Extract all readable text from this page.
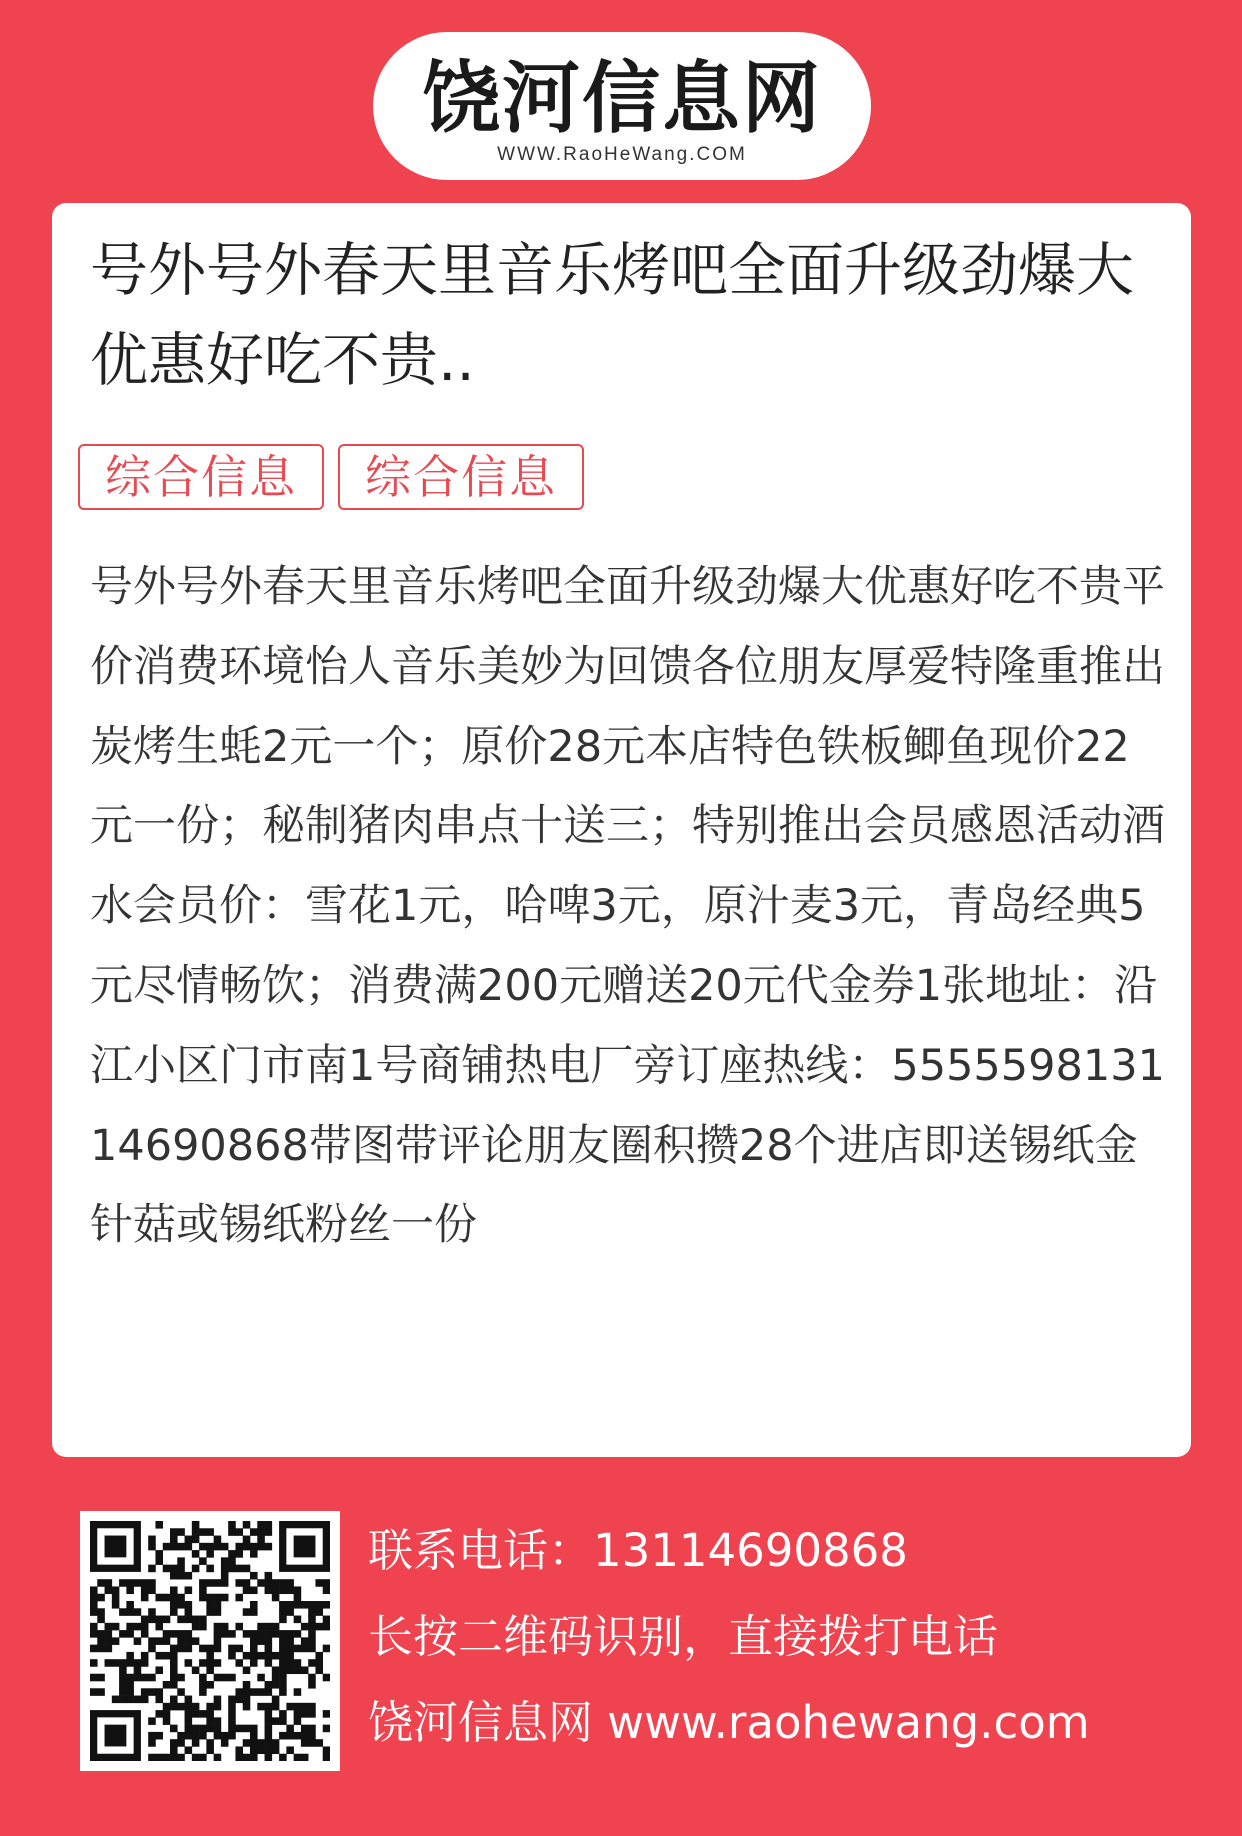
饶河信息网
WWW.RaoHeWang.COM
号外号外春天里音乐烤吧全面升级劲爆大优惠好吃不贵..
综合信息	综合信息

号外号外春天里音乐烤吧全面升级劲爆大优惠好吃不贵平价消费环境怡人音乐美妙为回馈各位朋友厚爱特隆重推出炭烤生蚝2元一个；原价28元本店特色铁板鲫鱼现价22元一份；秘制猪肉串点十送三；特别推出会员感恩活动酒水会员价：雪花1元，哈啤3元，原汁麦3元，青岛经典5元尽情畅饮；消费满200元赠送20元代金券1张地址：沿江小区门市南1号商铺热电厂旁订座热线：555559813114690868带图带评论朋友圈积攒28个进店即送锡纸金针菇或锡纸粉丝一份

联系电话：13114690868
长按二维码识别，直接拨打电话
饶河信息网 www.raohewang.com
